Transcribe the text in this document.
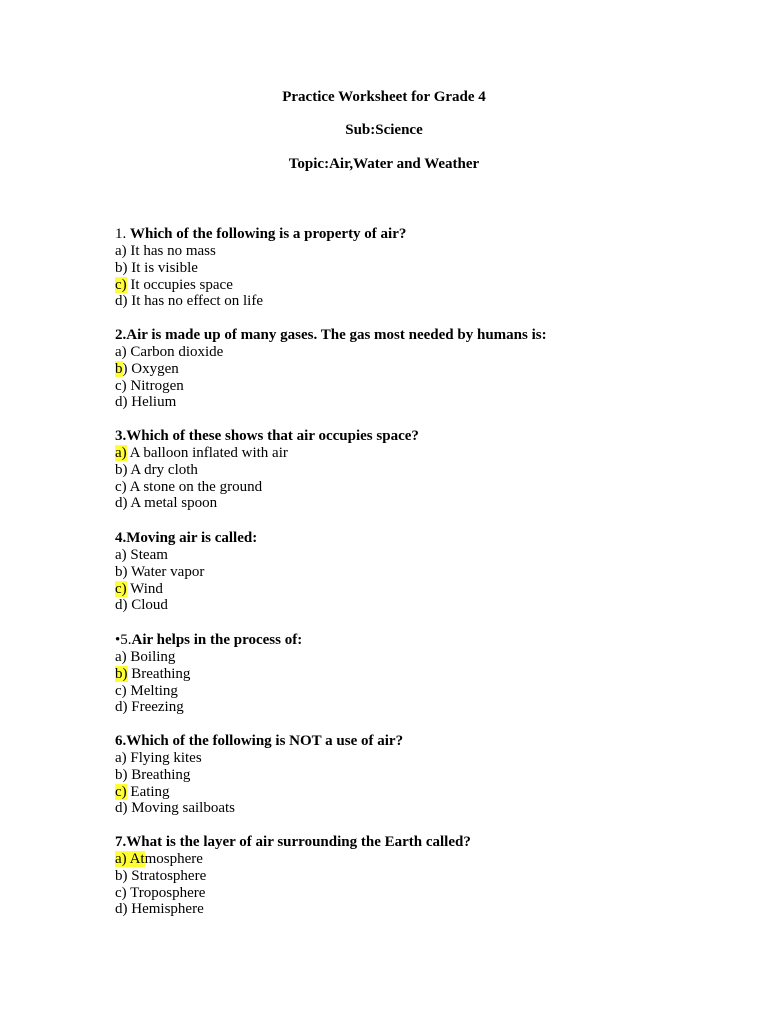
Practice Worksheet for Grade 4
Sub:Science
Topic:Air,Water and Weather
1. Which of the following is a property of air?
a) It has no mass
b) It is visible
c) It occupies space
d) It has no effect on life
2.Air is made up of many gases. The gas most needed by humans is:
a) Carbon dioxide
b) Oxygen
c) Nitrogen
d) Helium
3.Which of these shows that air occupies space?
a) A balloon inflated with air
b) A dry cloth
c) A stone on the ground
d) A metal spoon
4.Moving air is called:
a) Steam
b) Water vapor
c) Wind
d) Cloud
•5.Air helps in the process of:
a) Boiling
b) Breathing
c) Melting
d) Freezing
6.Which of the following is NOT a use of air?
a) Flying kites
b) Breathing
c) Eating
d) Moving sailboats
7.What is the layer of air surrounding the Earth called?
a) Atmosphere
b) Stratosphere
c) Troposphere
d) Hemisphere
